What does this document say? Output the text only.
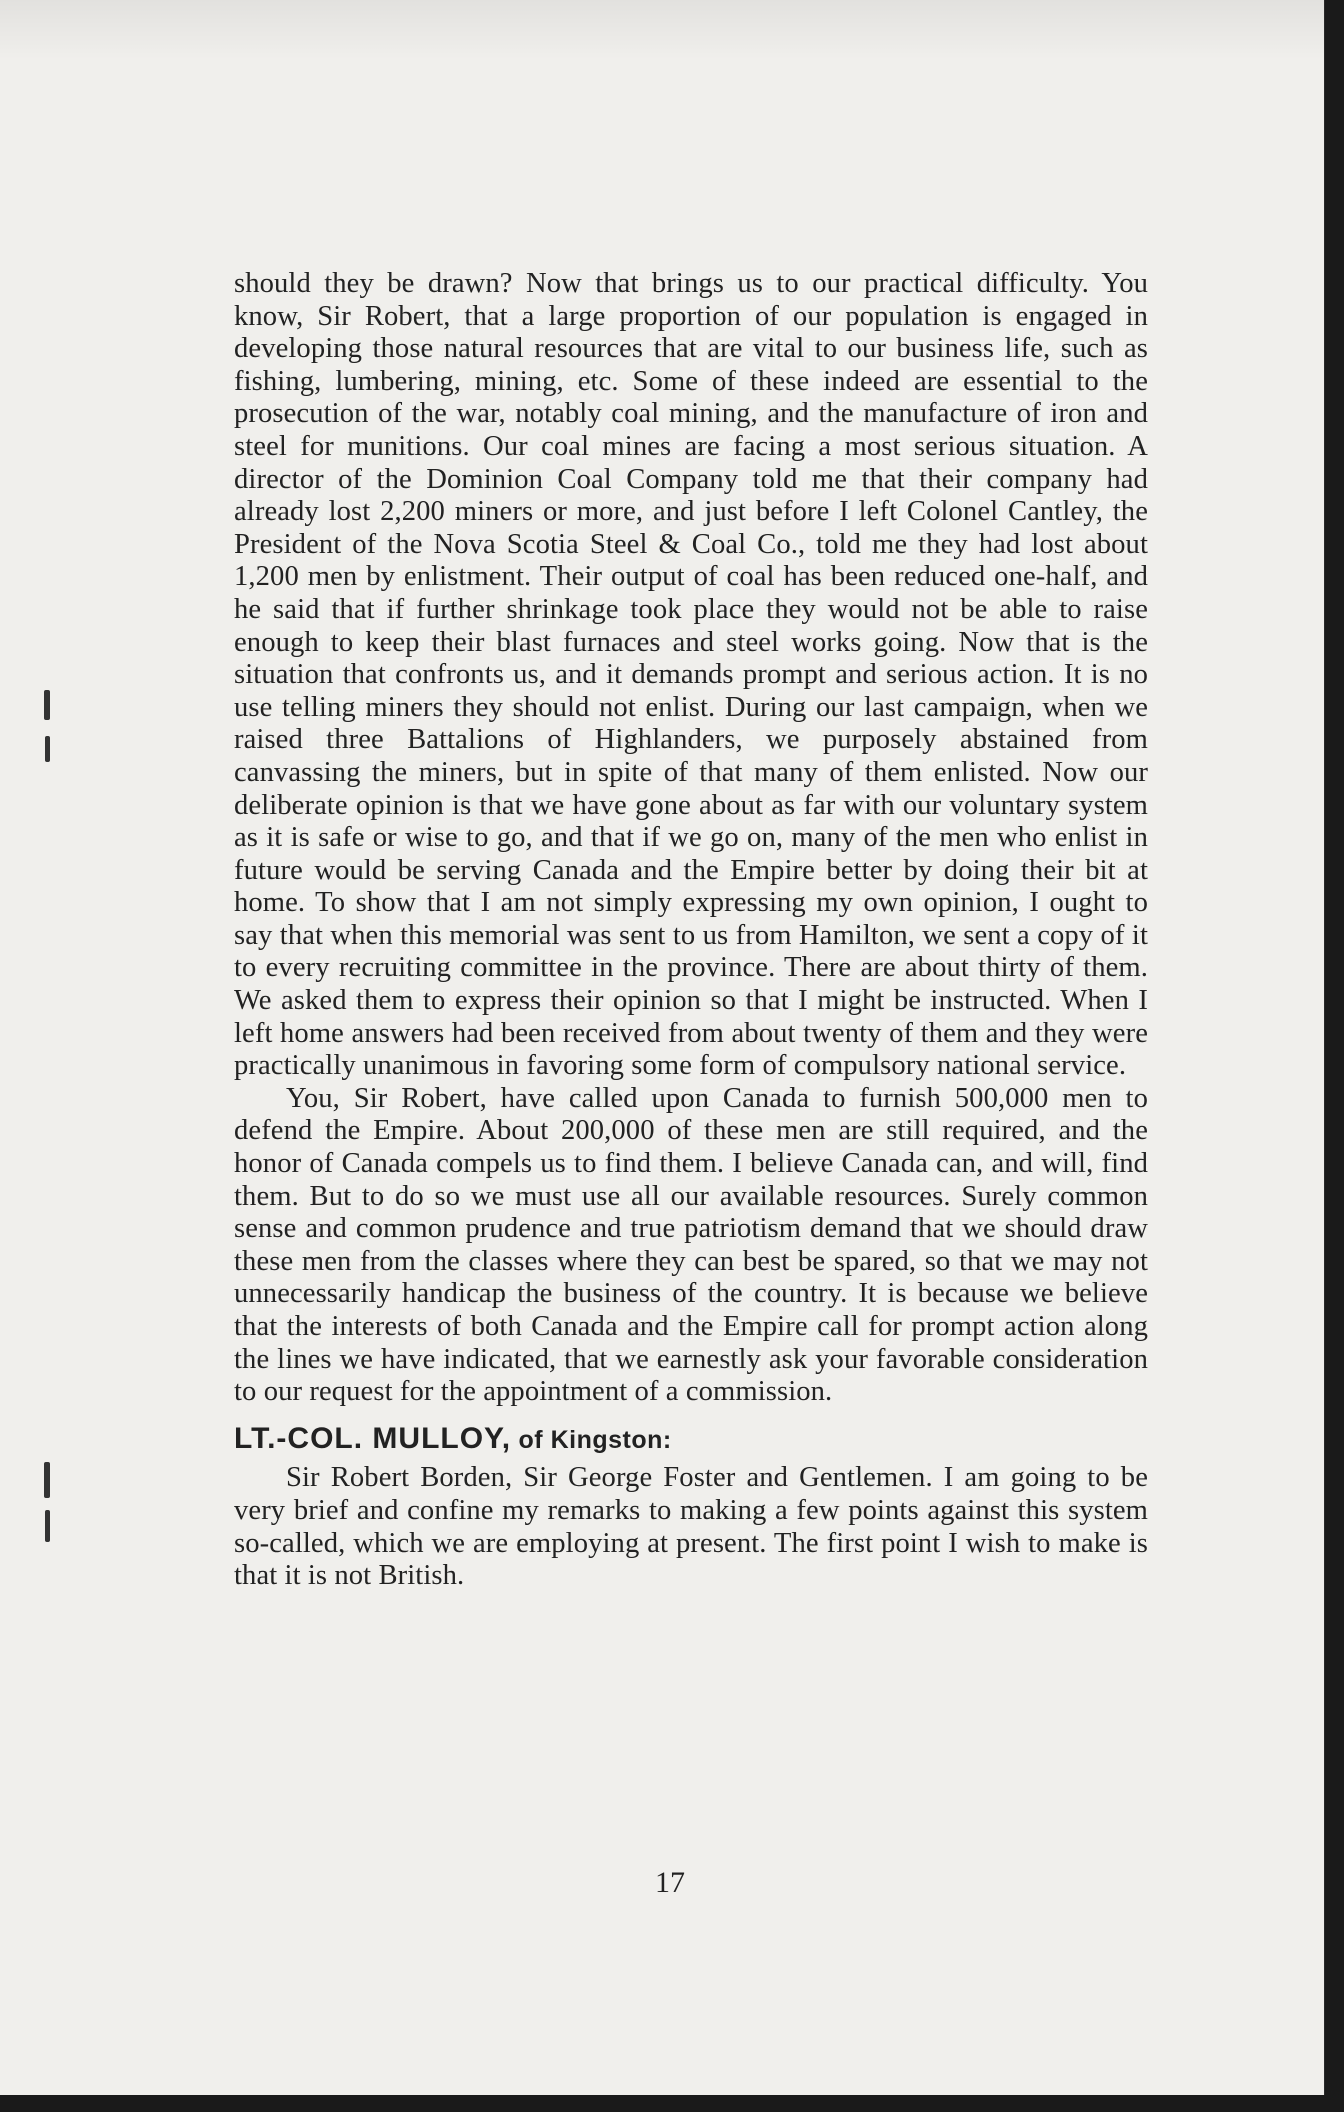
should they be drawn? Now that brings us to our practical difficulty. You know, Sir Robert, that a large proportion of our population is engaged in developing those natural resources that are vital to our business life, such as fishing, lumbering, mining, etc. Some of these indeed are essential to the prosecution of the war, notably coal mining, and the manufacture of iron and steel for munitions. Our coal mines are facing a most serious situation. A director of the Dominion Coal Company told me that their company had already lost 2,200 miners or more, and just before I left Colonel Cantley, the President of the Nova Scotia Steel & Coal Co., told me they had lost about 1,200 men by enlistment. Their output of coal has been reduced one-half, and he said that if further shrinkage took place they would not be able to raise enough to keep their blast furnaces and steel works going. Now that is the situation that confronts us, and it demands prompt and serious action. It is no use telling miners they should not enlist. During our last campaign, when we raised three Battalions of Highlanders, we purposely abstained from canvassing the miners, but in spite of that many of them enlisted. Now our deliberate opinion is that we have gone about as far with our voluntary system as it is safe or wise to go, and that if we go on, many of the men who enlist in future would be serving Canada and the Empire better by doing their bit at home. To show that I am not simply expressing my own opinion, I ought to say that when this memorial was sent to us from Hamilton, we sent a copy of it to every recruiting committee in the province. There are about thirty of them. We asked them to express their opinion so that I might be instructed. When I left home answers had been received from about twenty of them and they were practically unanimous in favoring some form of compulsory national service.

You, Sir Robert, have called upon Canada to furnish 500,000 men to defend the Empire. About 200,000 of these men are still required, and the honor of Canada compels us to find them. I believe Canada can, and will, find them. But to do so we must use all our available resources. Surely common sense and common prudence and true patriotism demand that we should draw these men from the classes where they can best be spared, so that we may not unnecessarily handicap the business of the country. It is because we believe that the interests of both Canada and the Empire call for prompt action along the lines we have indicated, that we earnestly ask your favorable consideration to our request for the appointment of a commission.

LT.-COL. MULLOY, of Kingston:

Sir Robert Borden, Sir George Foster and Gentlemen. I am going to be very brief and confine my remarks to making a few points against this system so-called, which we are employing at present. The first point I wish to make is that it is not British.

17
